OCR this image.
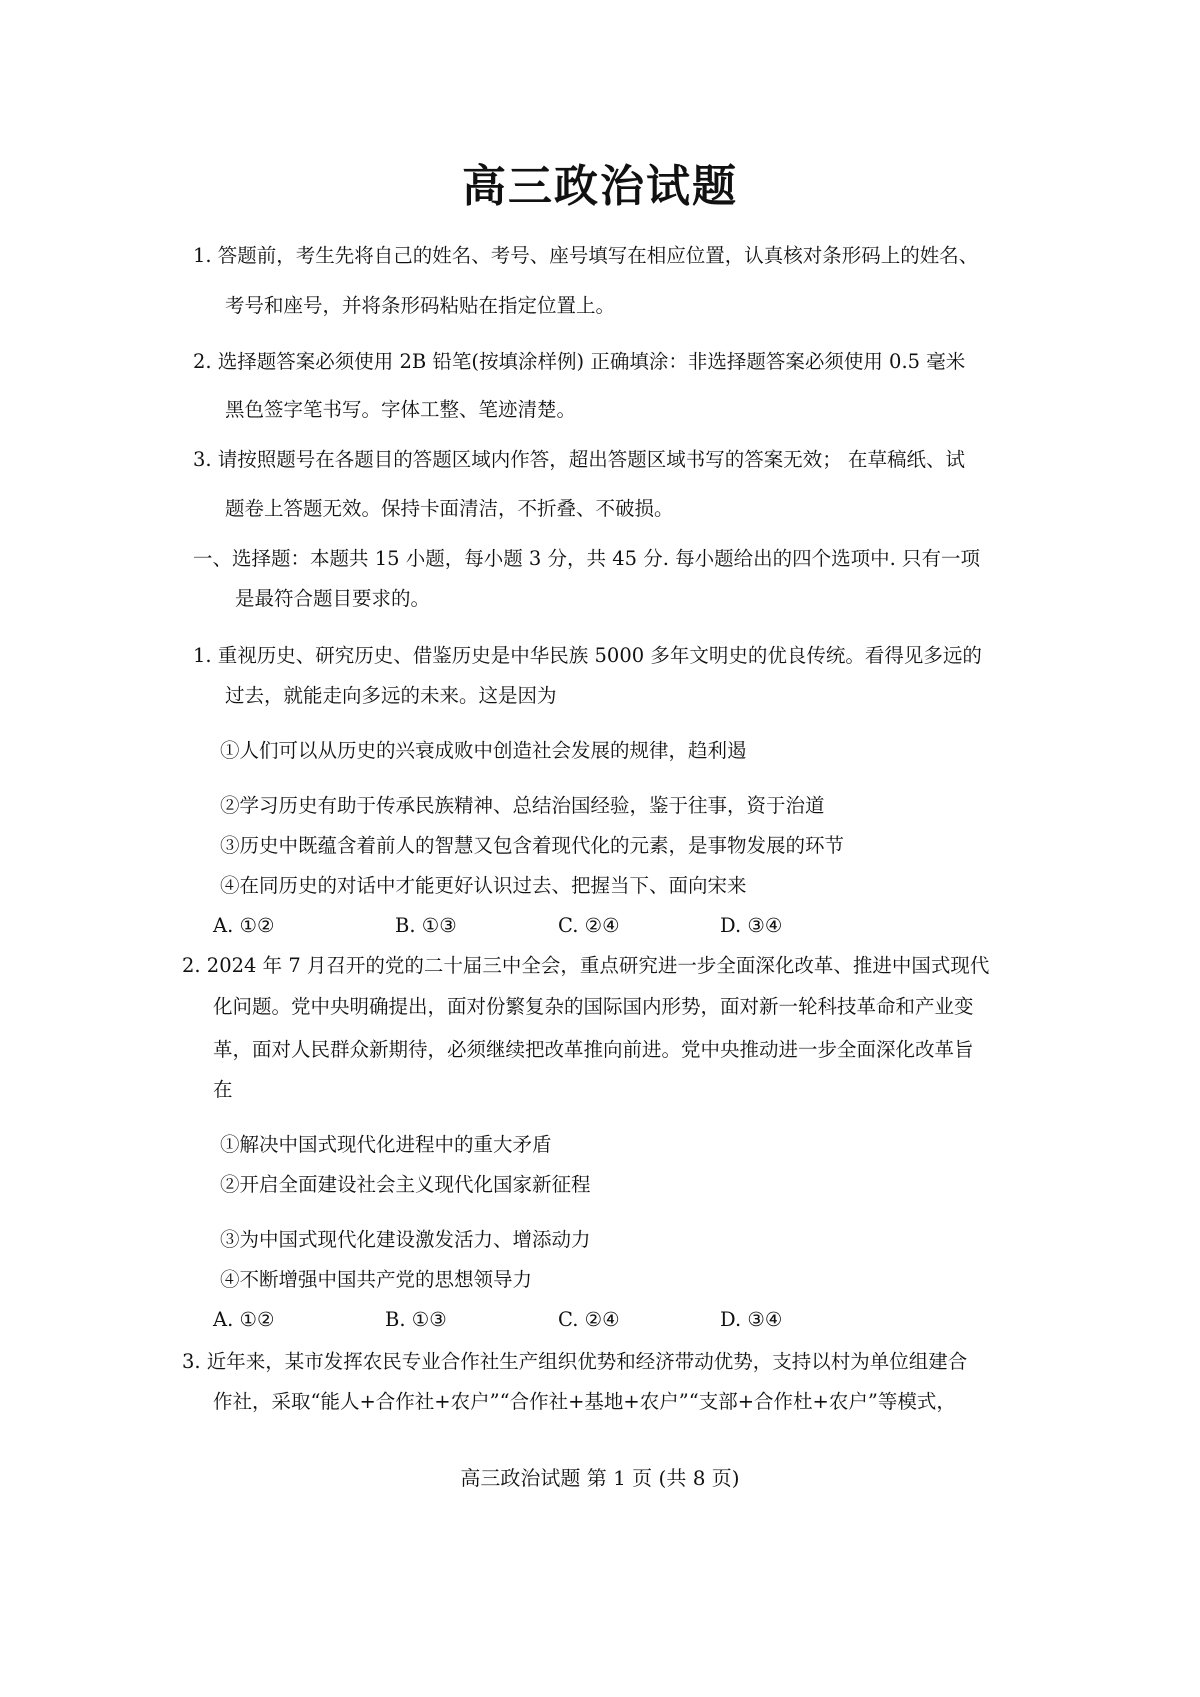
高三政治试题
1. 答题前，考生先将自己的姓名、考号、座号填写在相应位置，认真核对条形码上的姓名、
考号和座号，并将条形码粘贴在指定位置上。
2. 选择题答案必须使用 2B 铅笔(按填涂样例) 正确填涂：非选择题答案必须使用 0.5 毫米
黑色签字笔书写。字体工整、笔迹清楚。
3. 请按照题号在各题目的答题区域内作答，超出答题区域书写的答案无效； 在草稿纸、试
题卷上答题无效。保持卡面清洁，不折叠、不破损。
一、选择题：本题共 15 小题，每小题 3 分，共 45 分. 每小题给出的四个选项中. 只有一项
是最符合题目要求的。
1. 重视历史、研究历史、借鉴历史是中华民族 5000 多年文明史的优良传统。看得见多远的
过去，就能走向多远的未来。这是因为
①人们可以从历史的兴衰成败中创造社会发展的规律，趋利遏
②学习历史有助于传承民族精神、总结治国经验，鉴于往事，资于治道
③历史中既蕴含着前人的智慧又包含着现代化的元素，是事物发展的环节
④在同历史的对话中才能更好认识过去、把握当下、面向宋来
A. ①②	B. ①③	C. ②④	D. ③④
2. 2024 年 7 月召开的党的二十届三中全会，重点研究进一步全面深化改革、推进中国式现代
化问题。党中央明确提出，面对份繁复杂的国际国内形势，面对新一轮科技革命和产业变
革，面对人民群众新期待，必须继续把改革推向前进。党中央推动进一步全面深化改革旨
在
①解决中国式现代化进程中的重大矛盾
②开启全面建设社会主义现代化国家新征程
③为中国式现代化建设激发活力、增添动力
④不断增强中国共产党的思想领导力
A. ①②	B. ①③	C. ②④	D. ③④
3. 近年来，某市发挥农民专业合作社生产组织优势和经济带动优势，支持以村为单位组建合
作社，采取“能人+合作社+农户”“合作社+基地+农户”“支部+合作杜+农户”等模式，
高三政治试题 第 1 页 (共 8 页)
